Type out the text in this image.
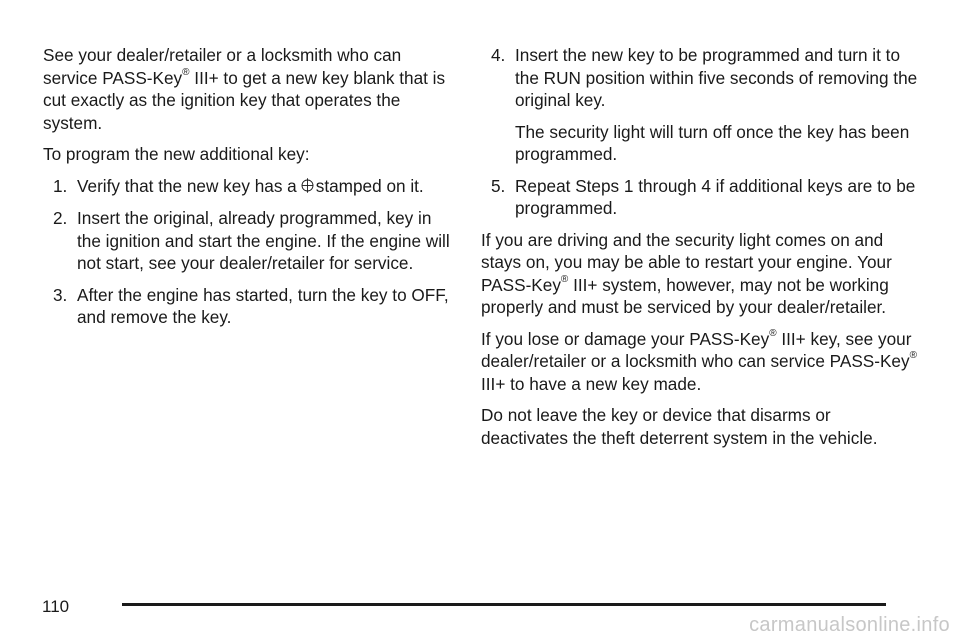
See your dealer/retailer or a locksmith who can service PASS-Key® III+ to get a new key blank that is cut exactly as the ignition key that operates the system.

To program the new additional key:

1. Verify that the new key has a stamped on it.
2. Insert the original, already programmed, key in the ignition and start the engine. If the engine will not start, see your dealer/retailer for service.
3. After the engine has started, turn the key to OFF, and remove the key.
4. Insert the new key to be programmed and turn it to the RUN position within five seconds of removing the original key.

The security light will turn off once the key has been programmed.

5. Repeat Steps 1 through 4 if additional keys are to be programmed.

If you are driving and the security light comes on and stays on, you may be able to restart your engine. Your PASS-Key® III+ system, however, may not be working properly and must be serviced by your dealer/retailer.

If you lose or damage your PASS-Key® III+ key, see your dealer/retailer or a locksmith who can service PASS-Key® III+ to have a new key made.

Do not leave the key or device that disarms or deactivates the theft deterrent system in the vehicle.

110
carmanualsonline.info
